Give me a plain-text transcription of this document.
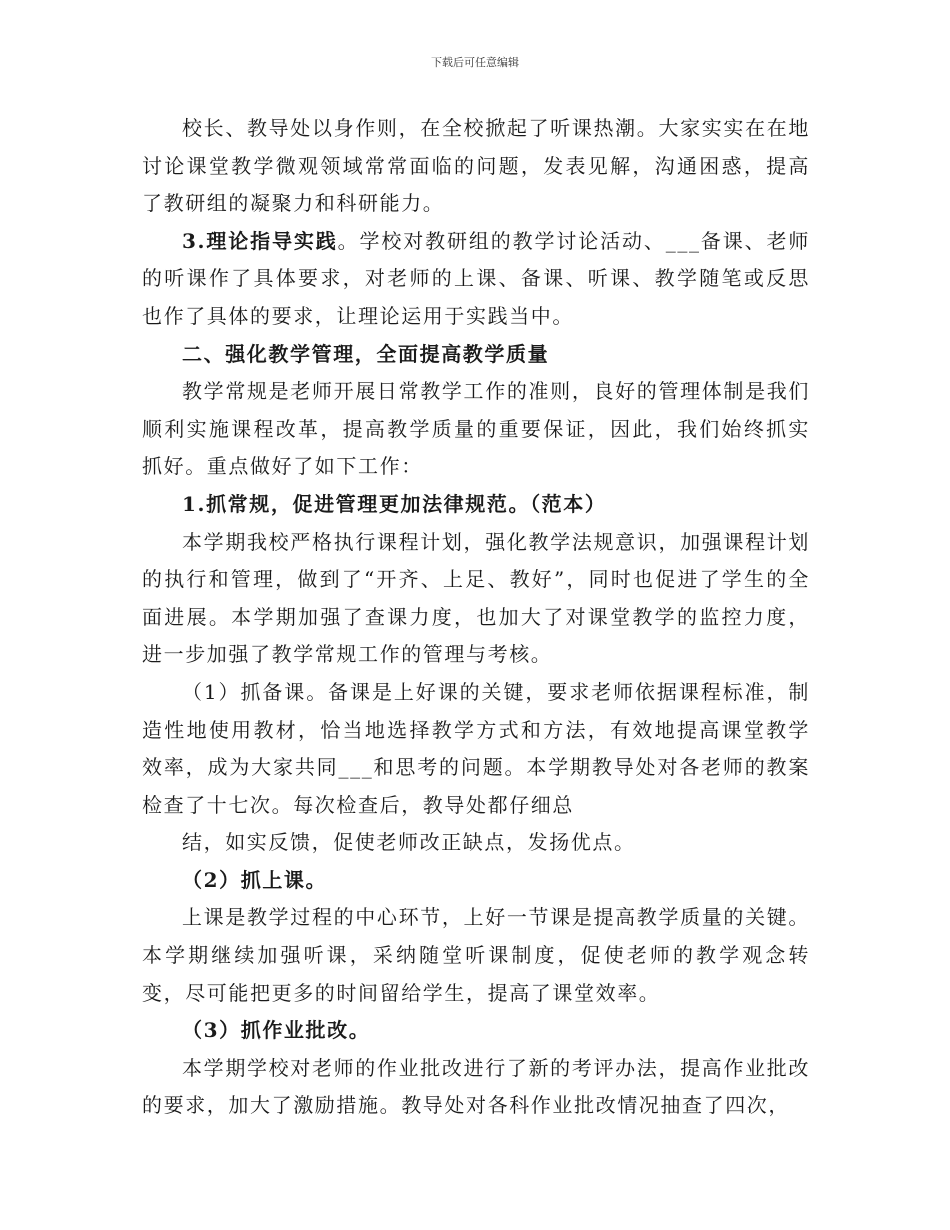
下载后可任意编辑

校长、教导处以身作则，在全校掀起了听课热潮。大家实实在在地讨论课堂教学微观领域常常面临的问题，发表见解，沟通困惑，提高了教研组的凝聚力和科研能力。

3.理论指导实践。学校对教研组的教学讨论活动、___备课、老师的听课作了具体要求，对老师的上课、备课、听课、教学随笔或反思也作了具体的要求，让理论运用于实践当中。

二、强化教学管理，全面提高教学质量

教学常规是老师开展日常教学工作的准则，良好的管理体制是我们顺利实施课程改革，提高教学质量的重要保证，因此，我们始终抓实抓好。重点做好了如下工作：

1.抓常规，促进管理更加法律规范。（范本）

本学期我校严格执行课程计划，强化教学法规意识，加强课程计划的执行和管理，做到了“开齐、上足、教好”，同时也促进了学生的全面进展。本学期加强了查课力度，也加大了对课堂教学的监控力度，进一步加强了教学常规工作的管理与考核。

（1）抓备课。备课是上好课的关键，要求老师依据课程标准，制造性地使用教材，恰当地选择教学方式和方法，有效地提高课堂教学效率，成为大家共同___和思考的问题。本学期教导处对各老师的教案检查了十七次。每次检查后，教导处都仔细总

结，如实反馈，促使老师改正缺点，发扬优点。

（2）抓上课。

上课是教学过程的中心环节，上好一节课是提高教学质量的关键。本学期继续加强听课，采纳随堂听课制度，促使老师的教学观念转变，尽可能把更多的时间留给学生，提高了课堂效率。

（3）抓作业批改。

本学期学校对老师的作业批改进行了新的考评办法，提高作业批改的要求，加大了激励措施。教导处对各科作业批改情况抽查了四次，
